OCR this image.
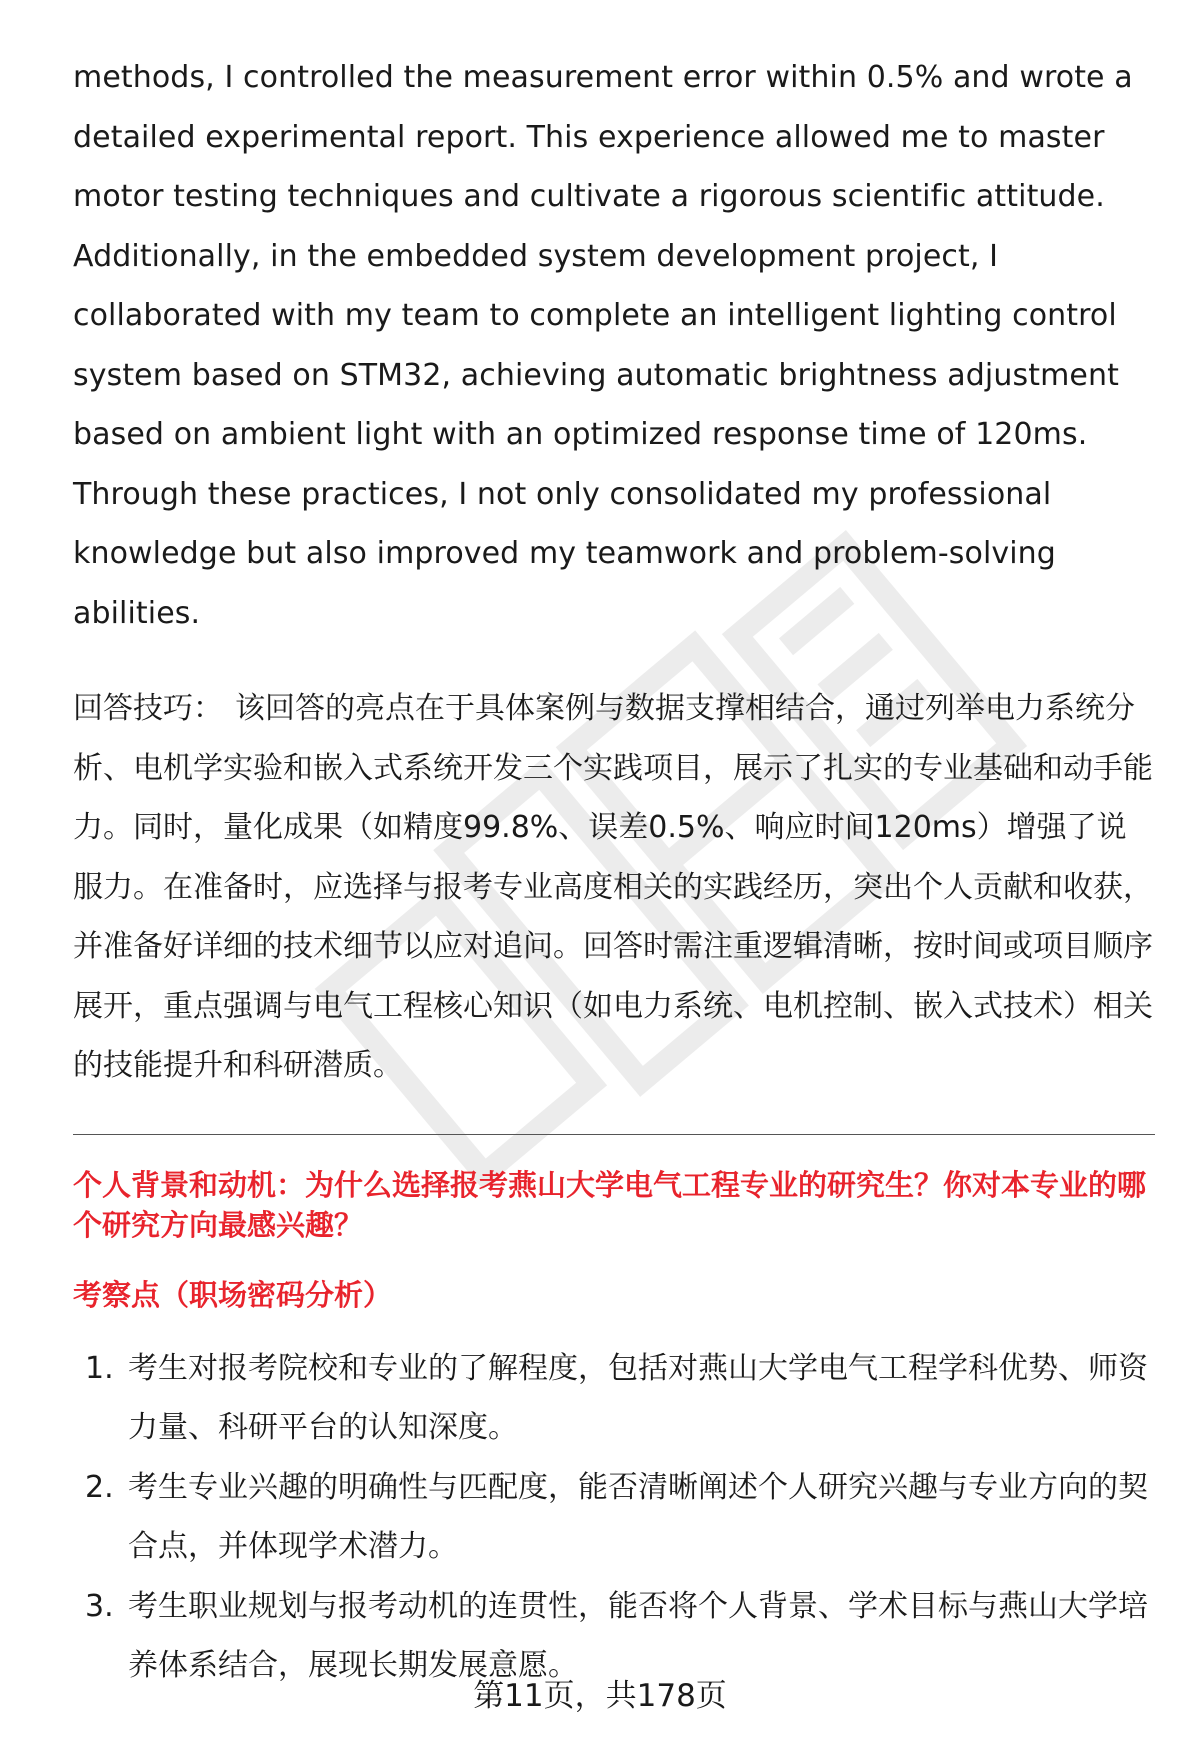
methods, I controlled the measurement error within 0.5% and wrote a detailed experimental report. This experience allowed me to master motor testing techniques and cultivate a rigorous scientific attitude. Additionally, in the embedded system development project, I collaborated with my team to complete an intelligent lighting control system based on STM32, achieving automatic brightness adjustment based on ambient light with an optimized response time of 120ms. Through these practices, I not only consolidated my professional knowledge but also improved my teamwork and problem-solving abilities.

回答技巧： 该回答的亮点在于具体案例与数据支撑相结合，通过列举电力系统分析、电机学实验和嵌入式系统开发三个实践项目，展示了扎实的专业基础和动手能力。同时，量化成果（如精度99.8%、误差0.5%、响应时间120ms）增强了说服力。在准备时，应选择与报考专业高度相关的实践经历，突出个人贡献和收获，并准备好详细的技术细节以应对追问。回答时需注重逻辑清晰，按时间或项目顺序展开，重点强调与电气工程核心知识（如电力系统、电机控制、嵌入式技术）相关的技能提升和科研潜质。

个人背景和动机：为什么选择报考燕山大学电气工程专业的研究生？你对本专业的哪个研究方向最感兴趣？

考察点（职场密码分析）

1. 考生对报考院校和专业的了解程度，包括对燕山大学电气工程学科优势、师资力量、科研平台的认知深度。
2. 考生专业兴趣的明确性与匹配度，能否清晰阐述个人研究兴趣与专业方向的契合点，并体现学术潜力。
3. 考生职业规划与报考动机的连贯性，能否将个人背景、学术目标与燕山大学培养体系结合，展现长期发展意愿。
第11页，共178页
